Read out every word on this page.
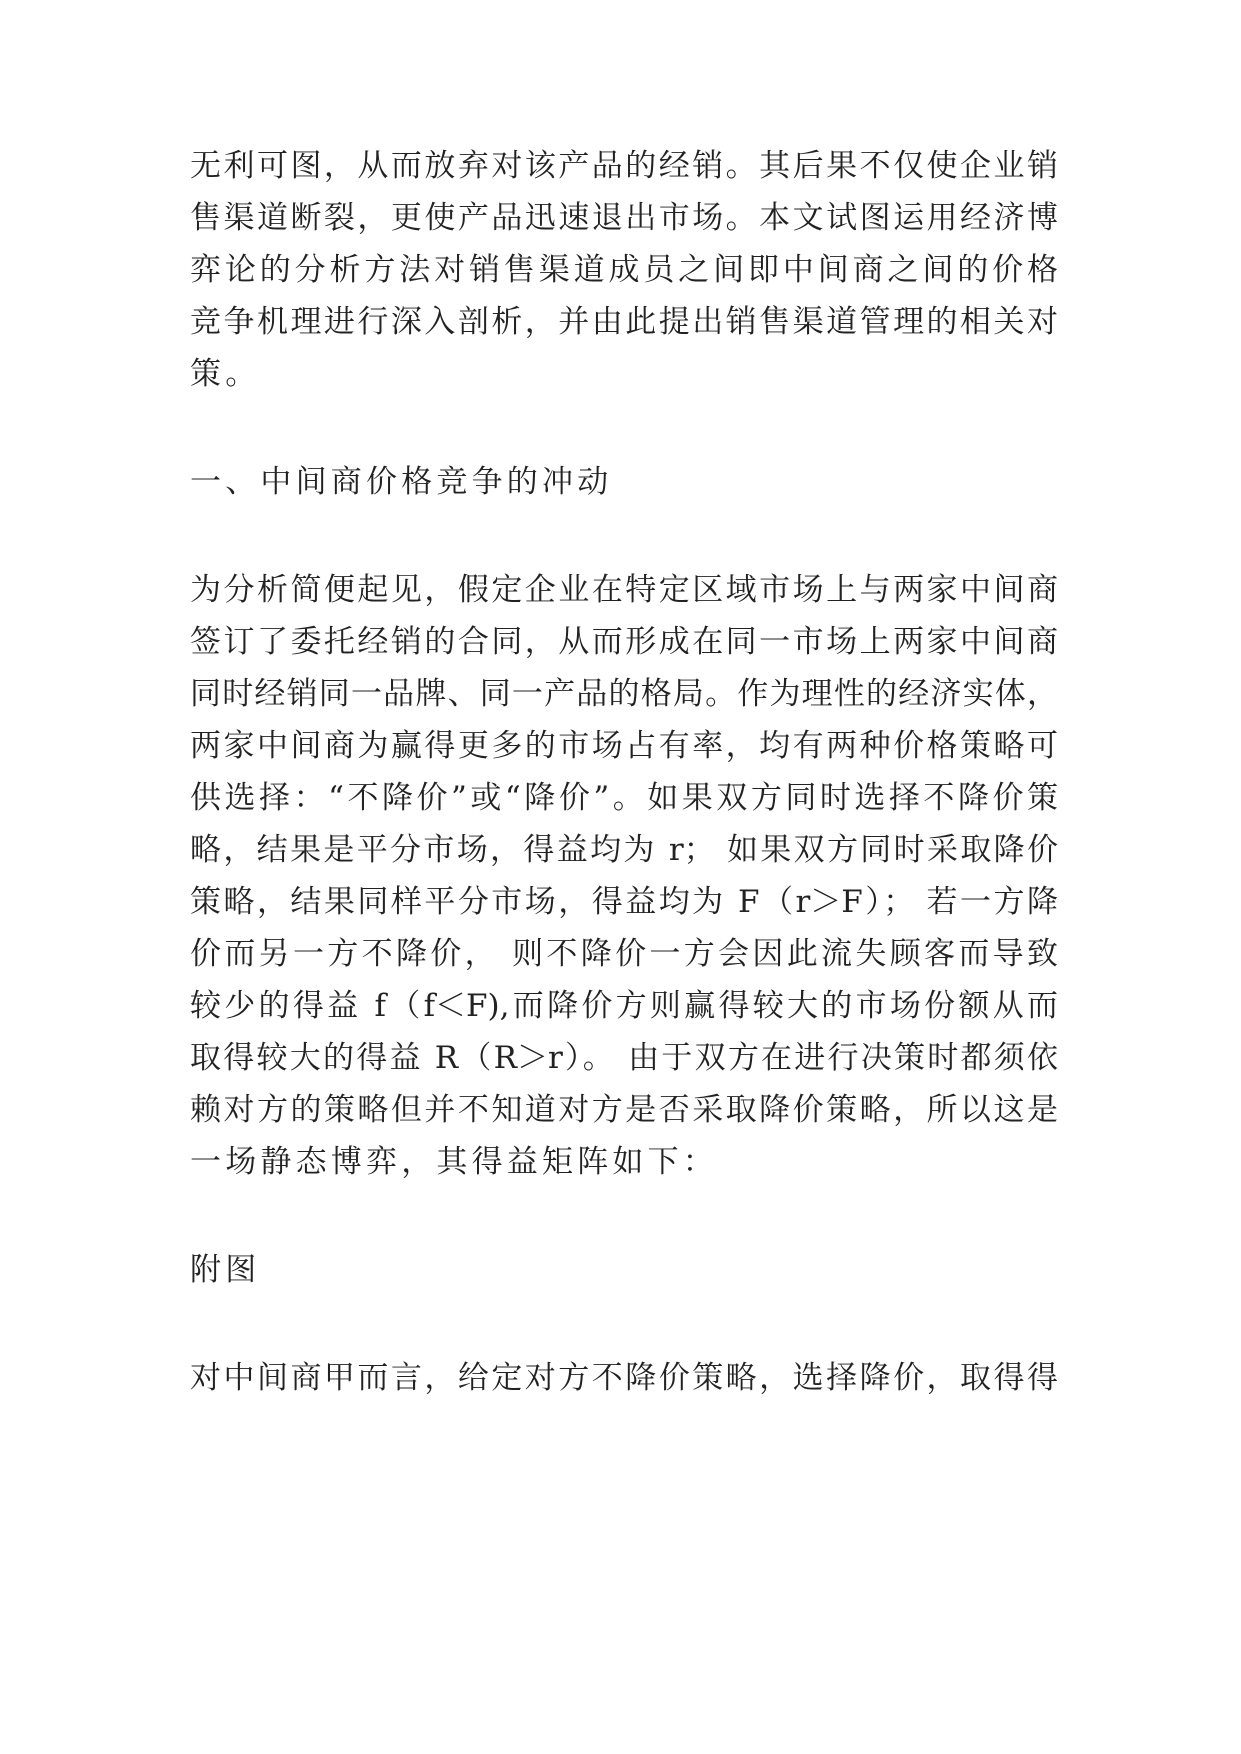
无利可图，从而放弃对该产品的经销。其后果不仅使企业销
售渠道断裂，更使产品迅速退出市场。本文试图运用经济博
弈论的分析方法对销售渠道成员之间即中间商之间的价格
竞争机理进行深入剖析，并由此提出销售渠道管理的相关对
策。
一、中间商价格竞争的冲动
为分析简便起见，假定企业在特定区域市场上与两家中间商
签订了委托经销的合同，从而形成在同一市场上两家中间商
同时经销同一品牌、同一产品的格局。作为理性的经济实体，
两家中间商为赢得更多的市场占有率，均有两种价格策略可
供选择：“不降价”或“降价”。如果双方同时选择不降价策
略，结果是平分市场，得益均为 r； 如果双方同时采取降价
策略，结果同样平分市场，得益均为 F（r＞F）； 若一方降
价而另一方不降价， 则不降价一方会因此流失顾客而导致
较少的得益 f（f＜F),而降价方则赢得较大的市场份额从而
取得较大的得益 R（R＞r）。 由于双方在进行决策时都须依
赖对方的策略但并不知道对方是否采取降价策略，所以这是
一场静态博弈，其得益矩阵如下：
附图
对中间商甲而言，给定对方不降价策略，选择降价，取得得
